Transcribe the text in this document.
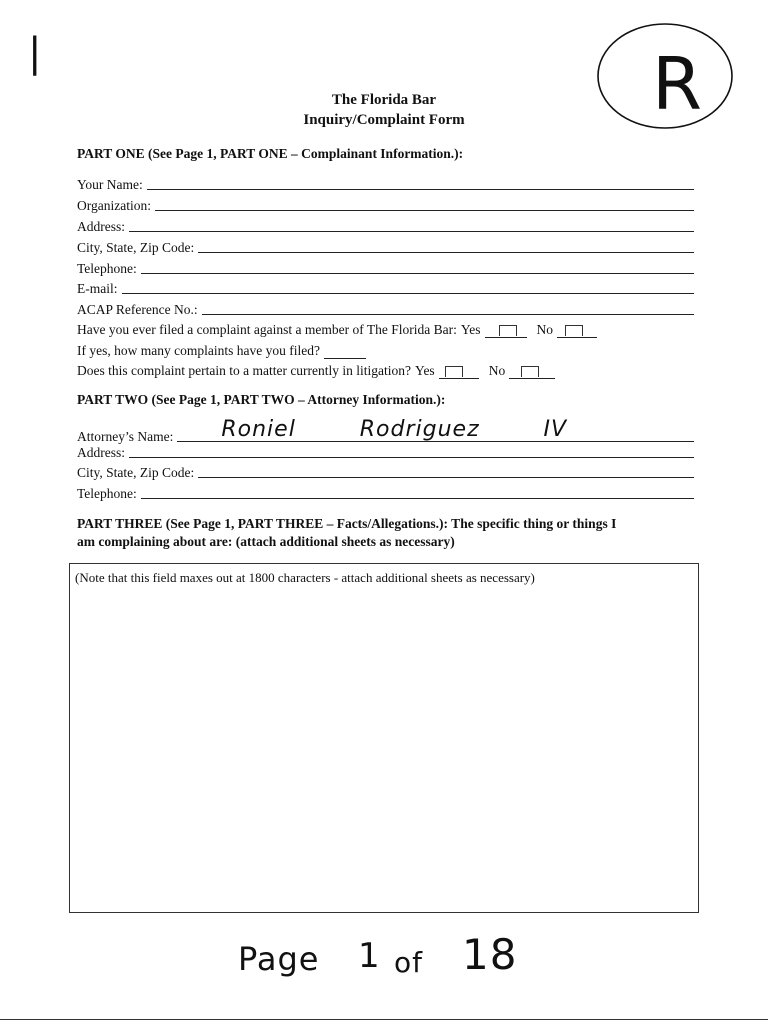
|	R
The Florida Bar
Inquiry/Complaint Form
PART ONE (See Page 1, PART ONE – Complainant Information.):
Your Name:
Organization:
Address:
City, State, Zip Code:
Telephone:
E-mail:
ACAP Reference No.:
Have you ever filed a complaint against a member of The Florida Bar: Yes	No
If yes, how many complaints have you filed?
Does this complaint pertain to a matter currently in litigation? Yes	No
PART TWO (See Page 1, PART TWO – Attorney Information.):
Attorney’s Name: Roniel        Rodriguez        IV
Address:
City, State, Zip Code:
Telephone:
PART THREE (See Page 1, PART THREE – Facts/Allegations.): The specific thing or things I
am complaining about are: (attach additional sheets as necessary)
(Note that this field maxes out at 1800 characters - attach additional sheets as necessary)
Page 1 of 18
